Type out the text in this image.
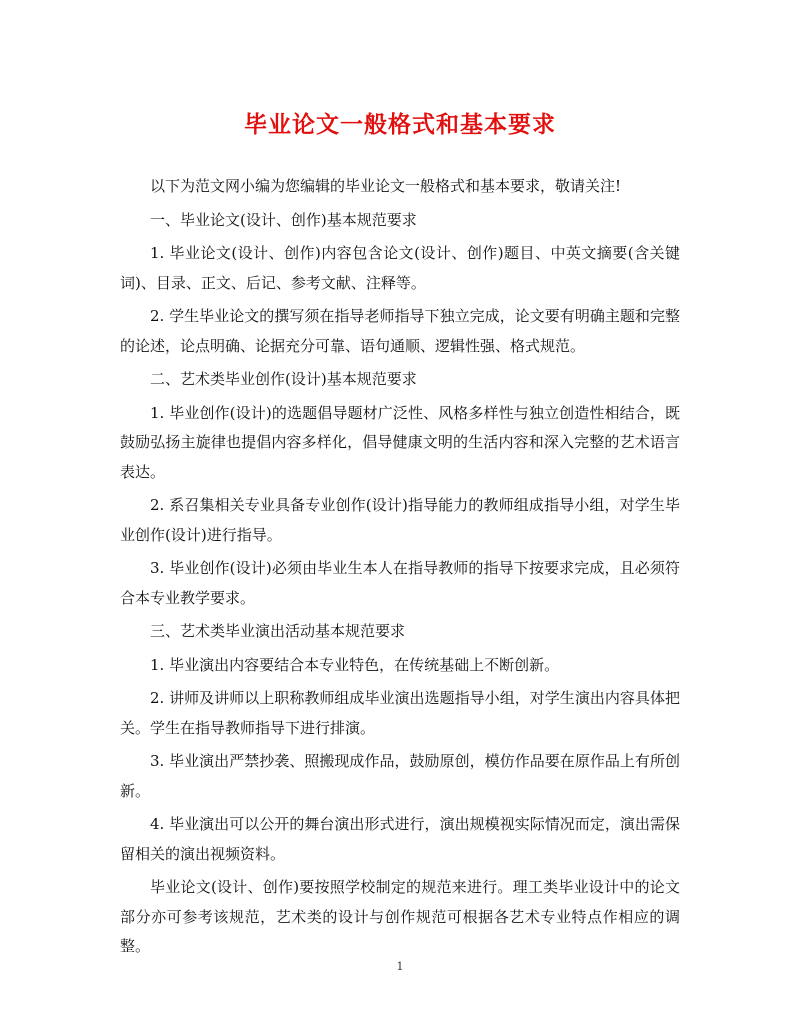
毕业论文一般格式和基本要求

以下为范文网小编为您编辑的毕业论文一般格式和基本要求，敬请关注!

一、毕业论文(设计、创作)基本规范要求

1. 毕业论文(设计、创作)内容包含论文(设计、创作)题目、中英文摘要(含关键词)、目录、正文、后记、参考文献、注释等。

2. 学生毕业论文的撰写须在指导老师指导下独立完成，论文要有明确主题和完整的论述，论点明确、论据充分可靠、语句通顺、逻辑性强、格式规范。

二、艺术类毕业创作(设计)基本规范要求

1. 毕业创作(设计)的选题倡导题材广泛性、风格多样性与独立创造性相结合，既鼓励弘扬主旋律也提倡内容多样化，倡导健康文明的生活内容和深入完整的艺术语言表达。

2. 系召集相关专业具备专业创作(设计)指导能力的教师组成指导小组，对学生毕业创作(设计)进行指导。

3. 毕业创作(设计)必须由毕业生本人在指导教师的指导下按要求完成，且必须符合本专业教学要求。

三、艺术类毕业演出活动基本规范要求

1. 毕业演出内容要结合本专业特色，在传统基础上不断创新。

2. 讲师及讲师以上职称教师组成毕业演出选题指导小组，对学生演出内容具体把关。学生在指导教师指导下进行排演。

3. 毕业演出严禁抄袭、照搬现成作品，鼓励原创，模仿作品要在原作品上有所创新。

4. 毕业演出可以公开的舞台演出形式进行，演出规模视实际情况而定，演出需保留相关的演出视频资料。

毕业论文(设计、创作)要按照学校制定的规范来进行。理工类毕业设计中的论文部分亦可参考该规范，艺术类的设计与创作规范可根据各艺术专业特点作相应的调整。

1
